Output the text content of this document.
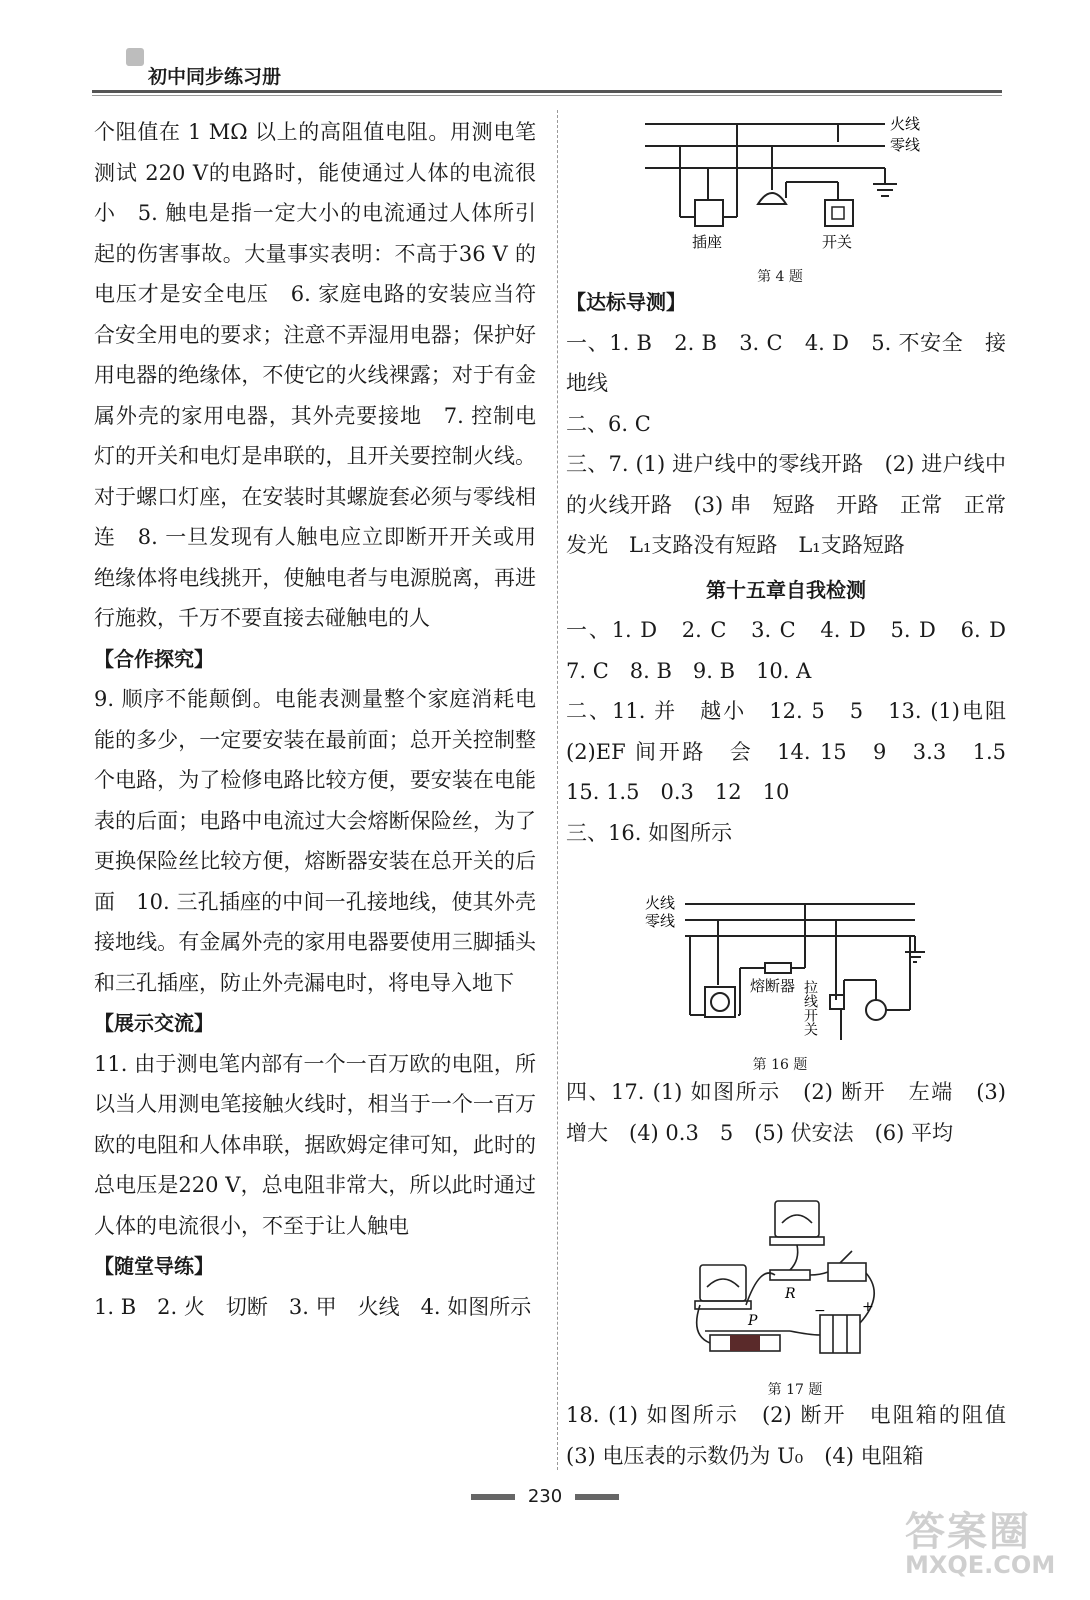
初中同步练习册
个阻值在 1 MΩ 以上的高阻值电阻。用测电笔测试 220 V的电路时，能使通过人体的电流很小　5. 触电是指一定大小的电流通过人体所引起的伤害事故。大量事实表明：不高于36 V 的电压才是安全电压　6. 家庭电路的安装应当符合安全用电的要求；注意不弄湿用电器；保护好用电器的绝缘体，不使它的火线裸露；对于有金属外壳的家用电器，其外壳要接地　7. 控制电灯的开关和电灯是串联的，且开关要控制火线。对于螺口灯座，在安装时其螺旋套必须与零线相连　8. 一旦发现有人触电应立即断开开关或用绝缘体将电线挑开，使触电者与电源脱离，再进行施救，千万不要直接去碰触电的人
【合作探究】
9. 顺序不能颠倒。电能表测量整个家庭消耗电能的多少，一定要安装在最前面；总开关控制整个电路，为了检修电路比较方便，要安装在电能表的后面；电路中电流过大会熔断保险丝，为了更换保险丝比较方便，熔断器安装在总开关的后面　10. 三孔插座的中间一孔接地线，使其外壳接地线。有金属外壳的家用电器要使用三脚插头和三孔插座，防止外壳漏电时，将电导入地下
【展示交流】
11. 由于测电笔内部有一个一百万欧的电阻，所以当人用测电笔接触火线时，相当于一个一百万欧的电阻和人体串联，据欧姆定律可知，此时的总电压是220 V，总电阻非常大，所以此时通过人体的电流很小，不至于让人触电
【随堂导练】
1. B　2. 火　切断　3. 甲　火线　4. 如图所示
火线
零线
插座	开关
第 4 题
【达标导测】
一、1. B　2. B　3. C　4. D　5. 不安全　接地线
二、6. C
三、7. (1) 进户线中的零线开路　(2) 进户线中的火线开路　(3) 串　短路　开路　正常　正常发光　L₁支路没有短路　L₁支路短路
第十五章自我检测
一、1. D　2. C　3. C　4. D　5. D　6. D　7. C　8. B　9. B　10. A
二、11. 并　越小　12. 5　5　13. (1)电阻　(2)EF 间开路　会　14. 15　9　3.3　1.5　15. 1.5　0.3　12　10
三、16. 如图所示
火线
零线
熔断器 拉线开关
第 16 题
四、17. (1) 如图所示　(2) 断开　左端　(3) 增大　(4) 0.3　5　(5) 伏安法　(6) 平均
R
P
−	+
第 17 题
18. (1) 如图所示　(2) 断开　电阻箱的阻值　(3) 电压表的示数仍为 U₀　(4) 电阻箱
230
答案圈
MXQE.COM
